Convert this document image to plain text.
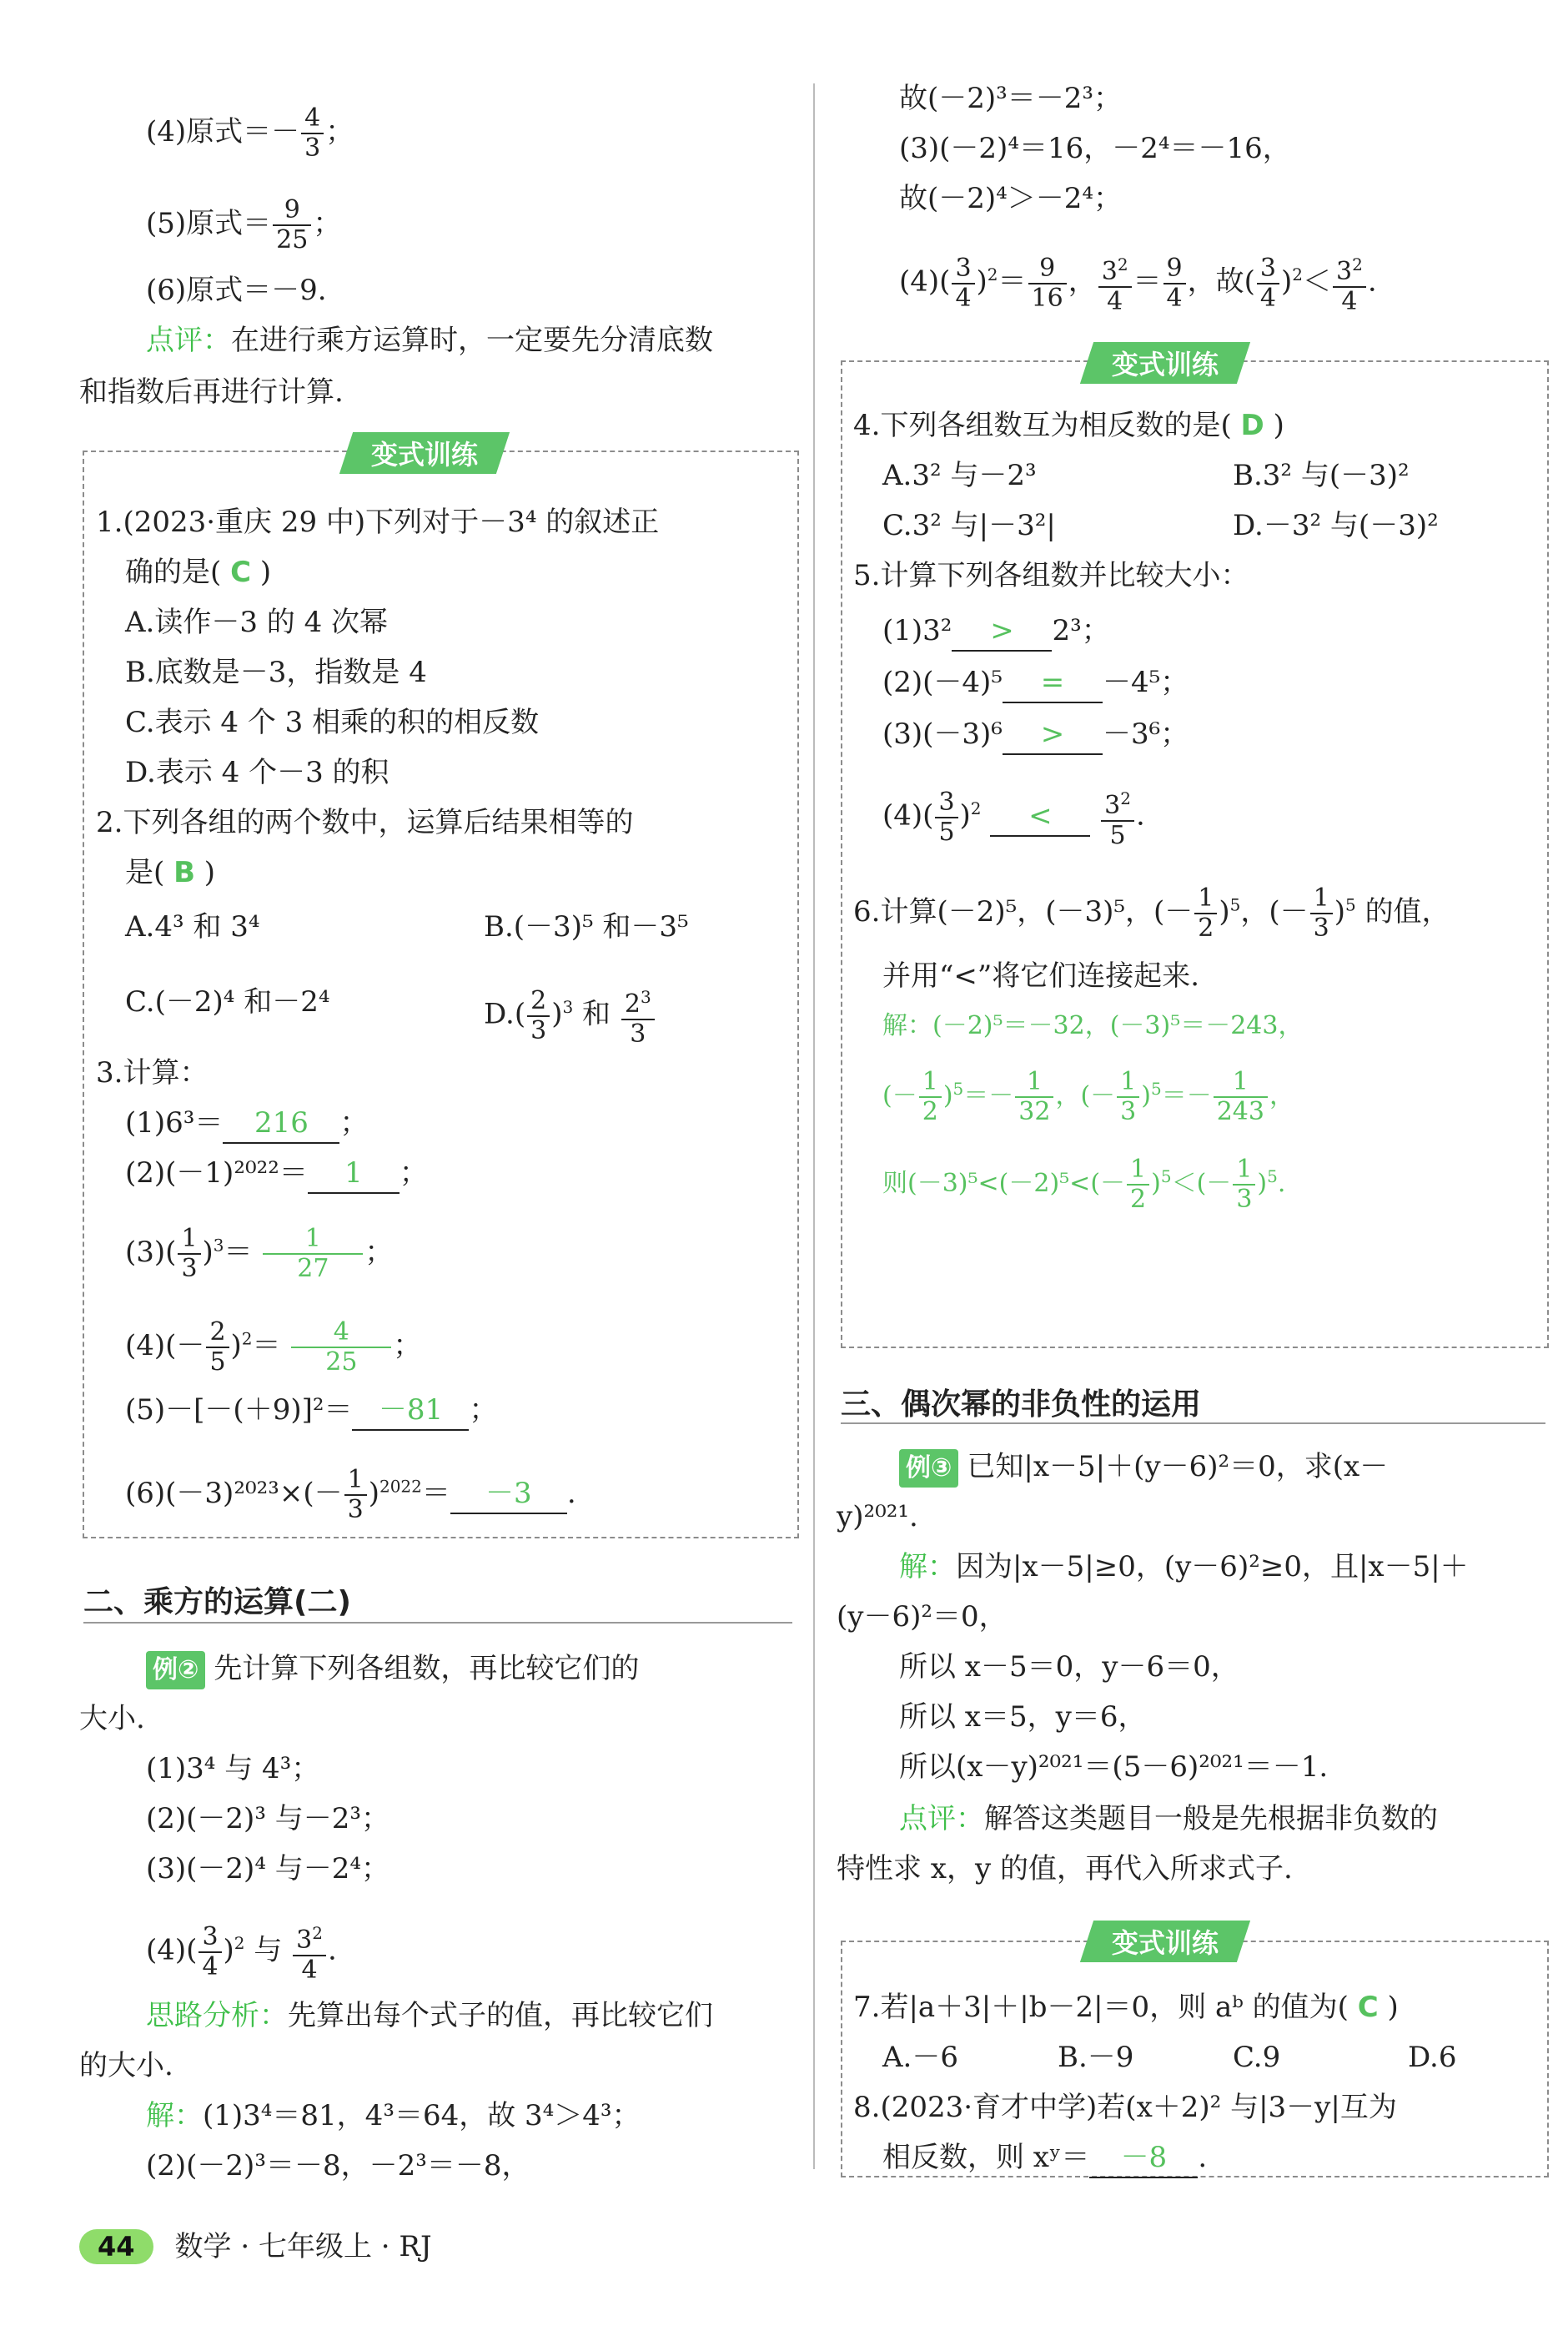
(4)原式＝－ $\frac{4}{3}$ ；
(5)原式＝ $\frac{9}{25}$ ；
(6)原式＝－9.
点评：在进行乘方运算时，一定要先分清底数
和指数后再进行计算.
变式训练
1.(2023·重庆 29 中)下列对于－3⁴ 的叙述正
确的是( C )
A.读作－3 的 4 次幂
B.底数是－3，指数是 4
C.表示 4 个 3 相乘的积的相反数
D.表示 4 个－3 的积
2.下列各组的两个数中，运算后结果相等的
是( B )
A.4³ 和 3⁴	B.(－3)⁵ 和－3⁵
C.(－2)⁴ 和－2⁴	$D.( \frac{2}{3} )^3$ 和 $\frac{2^3}{3}$
3.计算：
(1)6³＝ 216 ；
(2)(－1)²⁰²²＝ 1 ；
$(3)( \frac{1}{3} )^3= \frac{1}{27}$ ；
$(4)(- \frac{2}{5} )^2= \frac{4}{25}$ ；
(5)－[－(＋9)]²＝ －81 ；
$(6)(-3)^{2023}\times(- \frac{1}{3} )^{2022}= -3$ .
二、乘方的运算(二)
例② 先计算下列各组数，再比较它们的
大小.
(1)3⁴ 与 4³；
(2)(－2)³ 与－2³；
(3)(－2)⁴ 与－2⁴；
$(4)( \frac{3}{4} )^2$ 与 $\frac{3^2}{4}$ .
思路分析：先算出每个式子的值，再比较它们
的大小.
解：(1)3⁴＝81，4³＝64，故 3⁴＞4³；
(2)(－2)³＝－8，－2³＝－8，
故(－2)³＝－2³；
(3)(－2)⁴＝16，－2⁴＝－16，
故(－2)⁴＞－2⁴；
$(4)( \frac{3}{4} )^2= \frac{9}{16}$ ， $\frac{3^2}{4} = \frac{9}{4}$ ，故( $\frac{3}{4} )^2< \frac{3^2}{4}$ .
变式训练
4.下列各组数互为相反数的是( D )
A.3² 与－2³	B.3² 与(－3)²
C.3² 与|－3²|	D.－3² 与(－3)²
5.计算下列各组数并比较大小：
(1)3² > 2³；
(2)(－4)⁵ = －4⁵；
(3)(－3)⁶ > －3⁶；
$(4)( \frac{3}{5} )^2 < \frac{3^2}{5}$ .
6.计算(－2)⁵，(－3)⁵，(－ $\frac{1}{2} )^5$，(－ $\frac{1}{3} )^5$ 的值，
并用“<”将它们连接起来.
解：(－2)⁵＝－32，(－3)⁵＝－243，
(－ $\frac{1}{2} )^5=- \frac{1}{32}$ ，(－ $\frac{1}{3} )^5=- \frac{1}{243}$ ，
则$(-3)^5<(-2)^5<(- \frac{1}{2} )^5<(- \frac{1}{3} )^5$.
三、偶次幂的非负性的运用
例③ 已知|x－5|＋(y－6)²＝0，求(x－
y)²⁰²¹.
解：因为|x－5|≥0，(y－6)²≥0，且|x－5|＋
(y－6)²＝0，
所以 x－5＝0，y－6＝0，
所以 x＝5，y＝6，
所以(x－y)²⁰²¹＝(5－6)²⁰²¹＝－1.
点评：解答这类题目一般是先根据非负数的
特性求 x，y 的值，再代入所求式子.
变式训练
7.若|a＋3|＋|b－2|＝0，则 aᵇ 的值为( C )
A.－6	B.－9	C.9	D.6
8.(2023·育才中学)若(x＋2)² 与|3－y|互为
相反数，则 xʸ＝ －8 .
44 数学 · 七年级上 · RJ
